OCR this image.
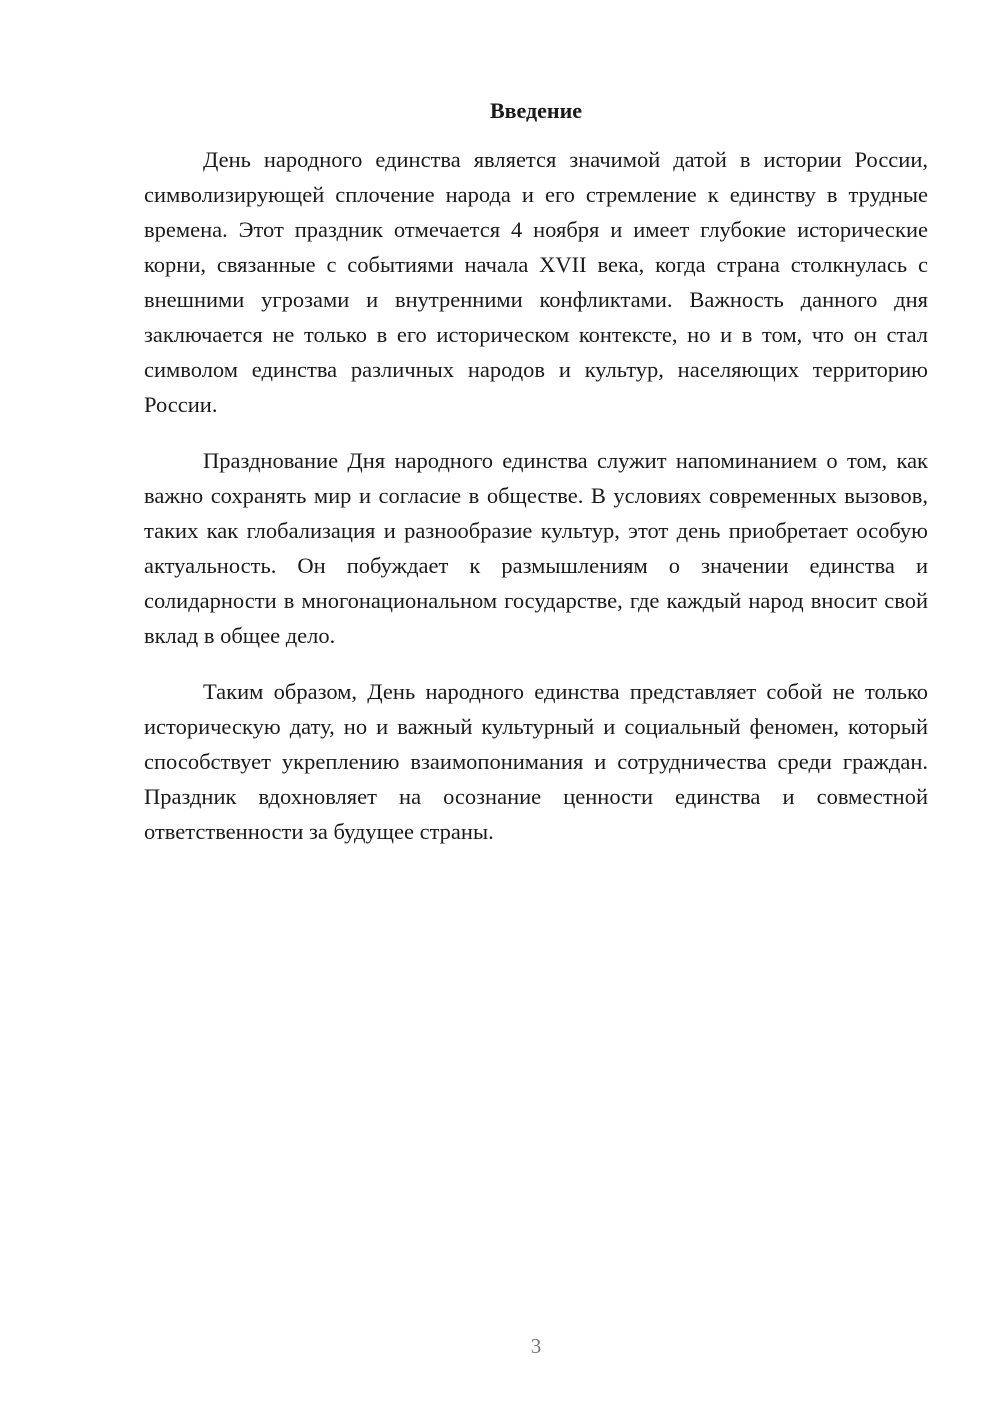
Введение

День народного единства является значимой датой в истории России, символизирующей сплочение народа и его стремление к единству в трудные времена. Этот праздник отмечается 4 ноября и имеет глубокие исторические корни, связанные с событиями начала XVII века, когда страна столкнулась с внешними угрозами и внутренними конфликтами. Важность данного дня заключается не только в его историческом контексте, но и в том, что он стал символом единства различных народов и культур, населяющих территорию России.

Празднование Дня народного единства служит напоминанием о том, как важно сохранять мир и согласие в обществе. В условиях современных вызовов, таких как глобализация и разнообразие культур, этот день приобретает особую актуальность. Он побуждает к размышлениям о значении единства и солидарности в многонациональном государстве, где каждый народ вносит свой вклад в общее дело.

Таким образом, День народного единства представляет собой не только историческую дату, но и важный культурный и социальный феномен, который способствует укреплению взаимопонимания и сотрудничества среди граждан. Праздник вдохновляет на осознание ценности единства и совместной ответственности за будущее страны.

3
